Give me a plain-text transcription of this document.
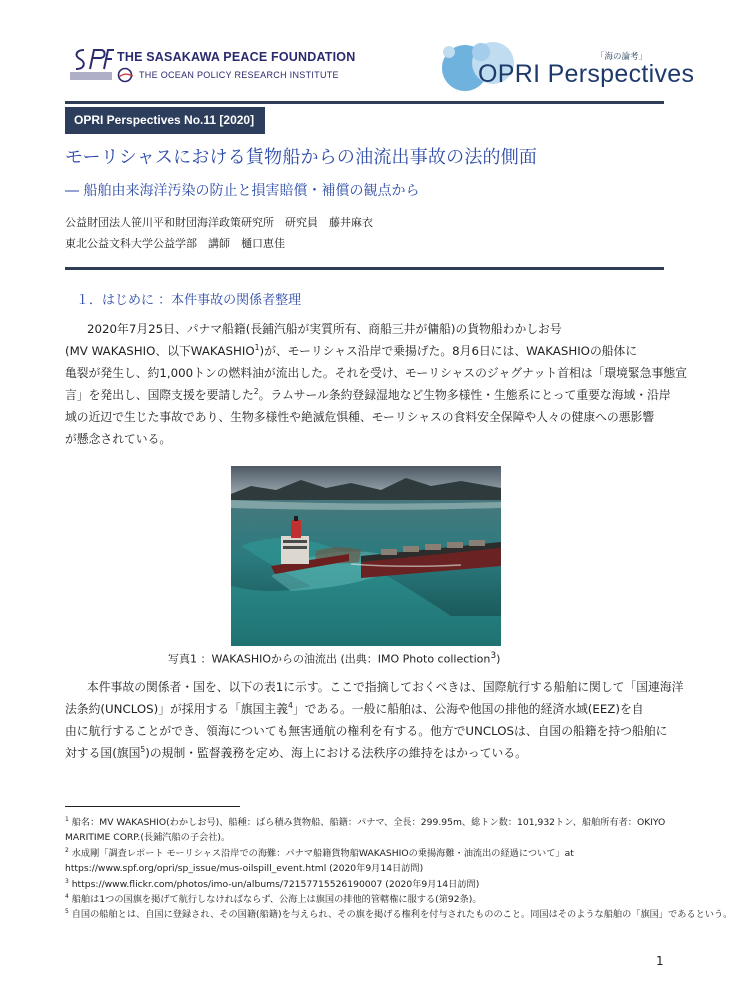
THE SASAKAWA PEACE FOUNDATION
THE OCEAN POLICY RESEARCH INSTITUTE
「海の論考」
OPRI Perspectives
OPRI Perspectives No.11 [2020]
モーリシャスにおける貨物船からの油流出事故の法的側面
― 船舶由来海洋汚染の防止と損害賠償・補償の観点から
公益財団法人笹川平和財団海洋政策研究所　研究員　藤井麻衣
東北公益文科大学公益学部　講師　樋口恵佳
１．はじめに ：本件事故の関係者整理
2020年7月25日、パナマ船籍(長鋪汽船が実質所有、商船三井が傭船)の貨物船わかしお号
(MV WAKASHIO、以下WAKASHIO$^1$)が、モーリシャス沿岸で乗揚げた。8月6日には、WAKASHIOの船体に
亀裂が発生し、約1,000トンの燃料油が流出した。それを受け、モーリシャスのジャグナット首相は「環境緊急事態宣
言」を発出し、国際支援を要請した$^2$。ラムサール条約登録湿地など生物多様性・生態系にとって重要な海域・沿岸
域の近辺で生じた事故であり、生物多様性や絶滅危惧種、モーリシャスの食料安全保障や人々の健康への悪影響
が懸念されている。
写真1 ：WAKASHIOからの油流出 (出典：IMO Photo collection$^3$)
本件事故の関係者・国を、以下の表1に示す。ここで指摘しておくべきは、国際航行する船舶に関して「国連海洋
法条約(UNCLOS)」が採用する「旗国主義$^4$」である。一般に船舶は、公海や他国の排他的経済水域(EEZ)を自
由に航行することができ、領海についても無害通航の権利を有する。他方でUNCLOSは、自国の船籍を持つ船舶に
対する国(旗国$^5$)の規制・監督義務を定め、海上における法秩序の維持をはかっている。
$^1$ 船名：MV WAKASHIO(わかしお号)、船種：ばら積み貨物船、船籍：パナマ、全長：299.95m、総トン数：101,932トン、船舶所有者：OKIYO
MARITIME CORP.(長鋪汽船の子会社)。
$^2$ 水成剛「調査レポート モーリシャス沿岸での海難：パナマ船籍貨物船WAKASHIOの乗揚海難・油流出の経過について」at
https://www.spf.org/opri/sp_issue/mus-oilspill_event.html (2020年9月14日訪問)
$^3$ https://www.flickr.com/photos/imo-un/albums/72157715526190007 (2020年9月14日訪問)
$^4$ 船舶は1つの国旗を掲げて航行しなければならず、公海上は旗国の排他的管轄権に服する(第92条)。
$^5$ 自国の船舶とは、自国に登録され、その国籍(船籍)を与えられ、その旗を掲げる権利を付与されたもののこと。同国はそのような船舶の「旗国」であるという。
1
